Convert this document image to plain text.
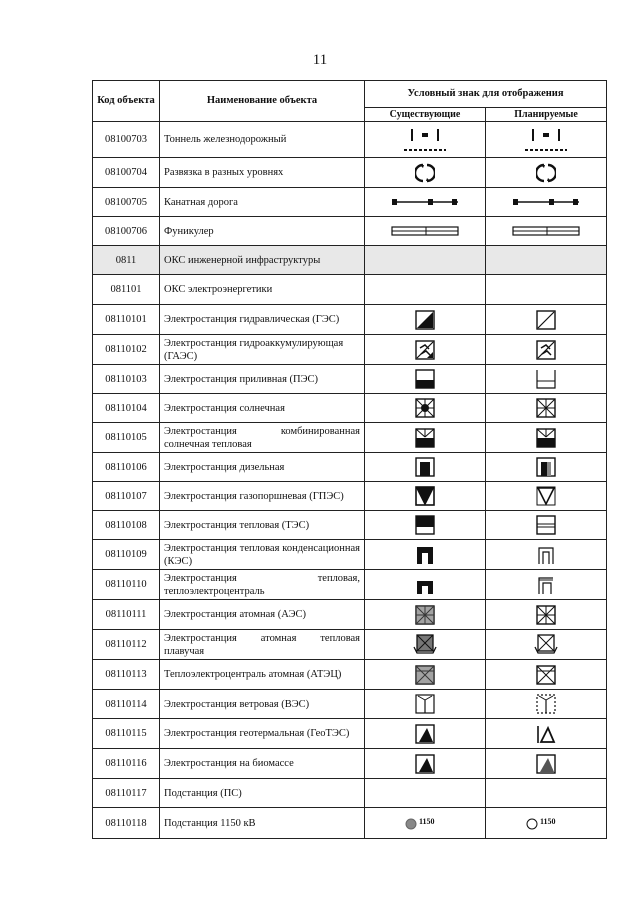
11
Код объекта	Наименование объекта	Условный знак для отображения	
		Существующие	Планируемые
08100703	Тоннель железнодорожный	

08100704	Развязка в разных уровнях	

08100705	Канатная дорога	

08100706	Фуникулер	

0811	ОКС инженерной инфраструктуры		
081101	ОКС электроэнергетики		
08110101	Электростанция гидравлическая (ГЭС)	

08110102	Электростанция гидроаккумулирующая (ГАЭС)	

08110103	Электростанция приливная (ПЭС)	

08110104	Электростанция солнечная	

08110105	Электростанция комбинированная солнечная тепловая	

08110106	Электростанция дизельная	

08110107	Электростанция газопоршневая (ГПЭС)	

08110108	Электростанция тепловая (ТЭС)	

08110109	Электростанция тепловая конденсационная (КЭС)	

08110110	Электростанция тепловая, теплоэлектроцентраль	

08110111	Электростанция атомная (АЭС)	

08110112	Электростанция атомная тепловая плавучая	

08110113	Теплоэлектроцентраль атомная (АТЭЦ)	

08110114	Электростанция ветровая (ВЭС)	

08110115	Электростанция геотермальная (ГеоТЭС)	

08110116	Электростанция на биомассе	

08110117	Подстанция (ПС)		
08110118	Подстанция 1150 кВ	1150	1150
